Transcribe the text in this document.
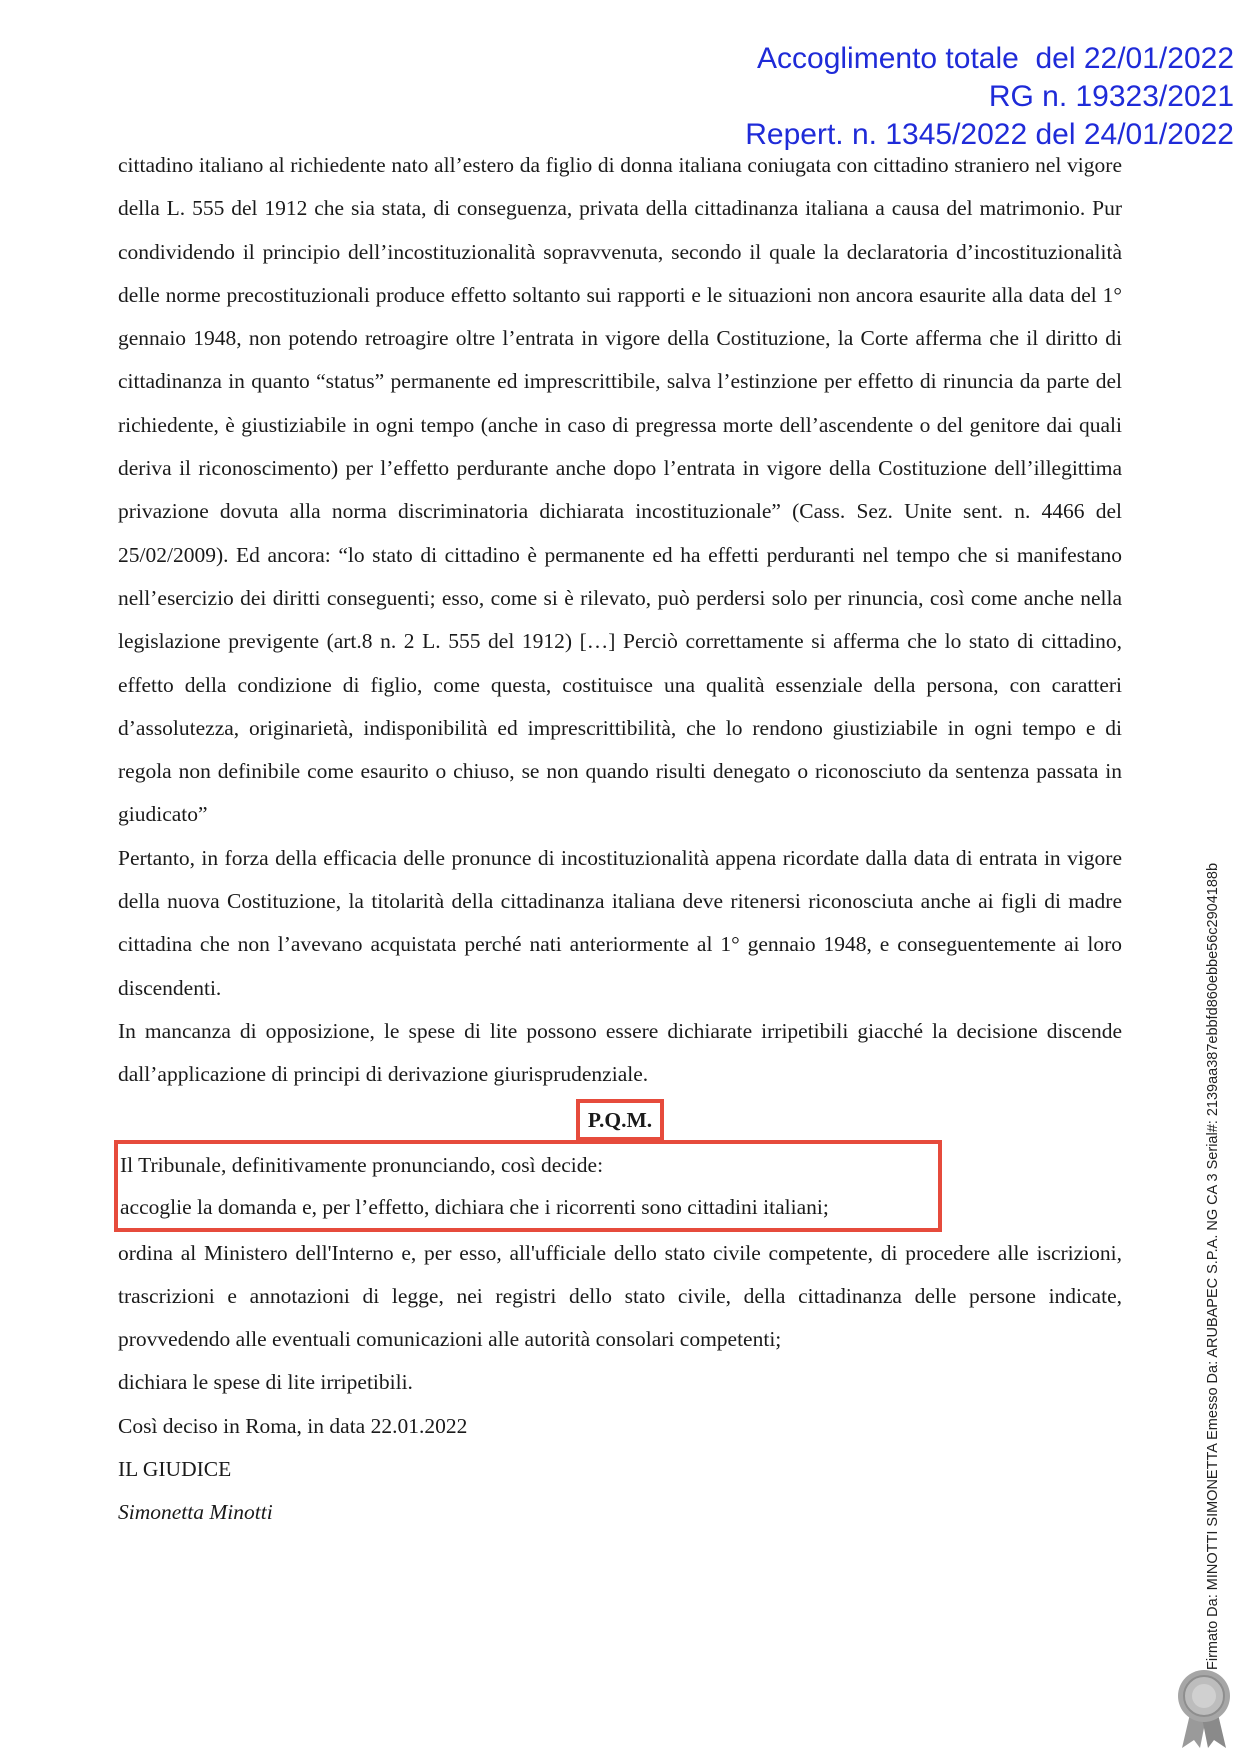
Accoglimento totale  del 22/01/2022
RG n. 19323/2021
Repert. n. 1345/2022 del 24/01/2022

cittadino italiano al richiedente nato all’estero da figlio di donna italiana coniugata con cittadino straniero nel vigore della L. 555 del 1912 che sia stata, di conseguenza, privata della cittadinanza italiana a causa del matrimonio. Pur condividendo il principio dell’incostituzionalità sopravvenuta, secondo il quale la declaratoria d’incostituzionalità delle norme precostituzionali produce effetto soltanto sui rapporti e le situazioni non ancora esaurite alla data del 1° gennaio 1948, non potendo retroagire oltre l’entrata in vigore della Costituzione, la Corte afferma che il diritto di cittadinanza in quanto “status” permanente ed imprescrittibile, salva l’estinzione per effetto di rinuncia da parte del richiedente, è giustiziabile in ogni tempo (anche in caso di pregressa morte dell’ascendente o del genitore dai quali deriva il riconoscimento) per l’effetto perdurante anche dopo l’entrata in vigore della Costituzione dell’illegittima privazione dovuta alla norma discriminatoria dichiarata incostituzionale” (Cass. Sez. Unite sent. n. 4466 del 25/02/2009). Ed ancora: “lo stato di cittadino è permanente ed ha effetti perduranti nel tempo che si manifestano nell’esercizio dei diritti conseguenti; esso, come si è rilevato, può perdersi solo per rinuncia, così come anche nella legislazione previgente (art.8 n. 2 L. 555 del 1912) […] Perciò correttamente si afferma che lo stato di cittadino, effetto della condizione di figlio, come questa, costituisce una qualità essenziale della persona, con caratteri d’assolutezza, originarietà, indisponibilità ed imprescrittibilità, che lo rendono giustiziabile in ogni tempo e di regola non definibile come esaurito o chiuso, se non quando risulti denegato o riconosciuto da sentenza passata in giudicato”

Pertanto, in forza della efficacia delle pronunce di incostituzionalità appena ricordate dalla data di entrata in vigore della nuova Costituzione, la titolarità della cittadinanza italiana deve ritenersi riconosciuta anche ai figli di madre cittadina che non l’avevano acquistata perché nati anteriormente al 1° gennaio 1948, e conseguentemente ai loro discendenti.

In mancanza di opposizione, le spese di lite possono essere dichiarate irripetibili giacché la decisione discende dall’applicazione di principi di derivazione giurisprudenziale.

P.Q.M.

Il Tribunale, definitivamente pronunciando, così decide:

accoglie la domanda e, per l’effetto, dichiara che i ricorrenti sono cittadini italiani;

ordina al Ministero dell'Interno e, per esso, all'ufficiale dello stato civile competente, di procedere alle iscrizioni, trascrizioni e annotazioni di legge, nei registri dello stato civile, della cittadinanza delle persone indicate, provvedendo alle eventuali comunicazioni alle autorità consolari competenti;

dichiara le spese di lite irripetibili.

Così deciso in Roma, in data 22.01.2022

IL GIUDICE

Simonetta Minotti	Firmato Da: MINOTTI SIMONETTA Emesso Da: ARUBAPEC S.P.A. NG CA 3 Serial#: 2139aa387ebbfd860ebbe56c2904188b
